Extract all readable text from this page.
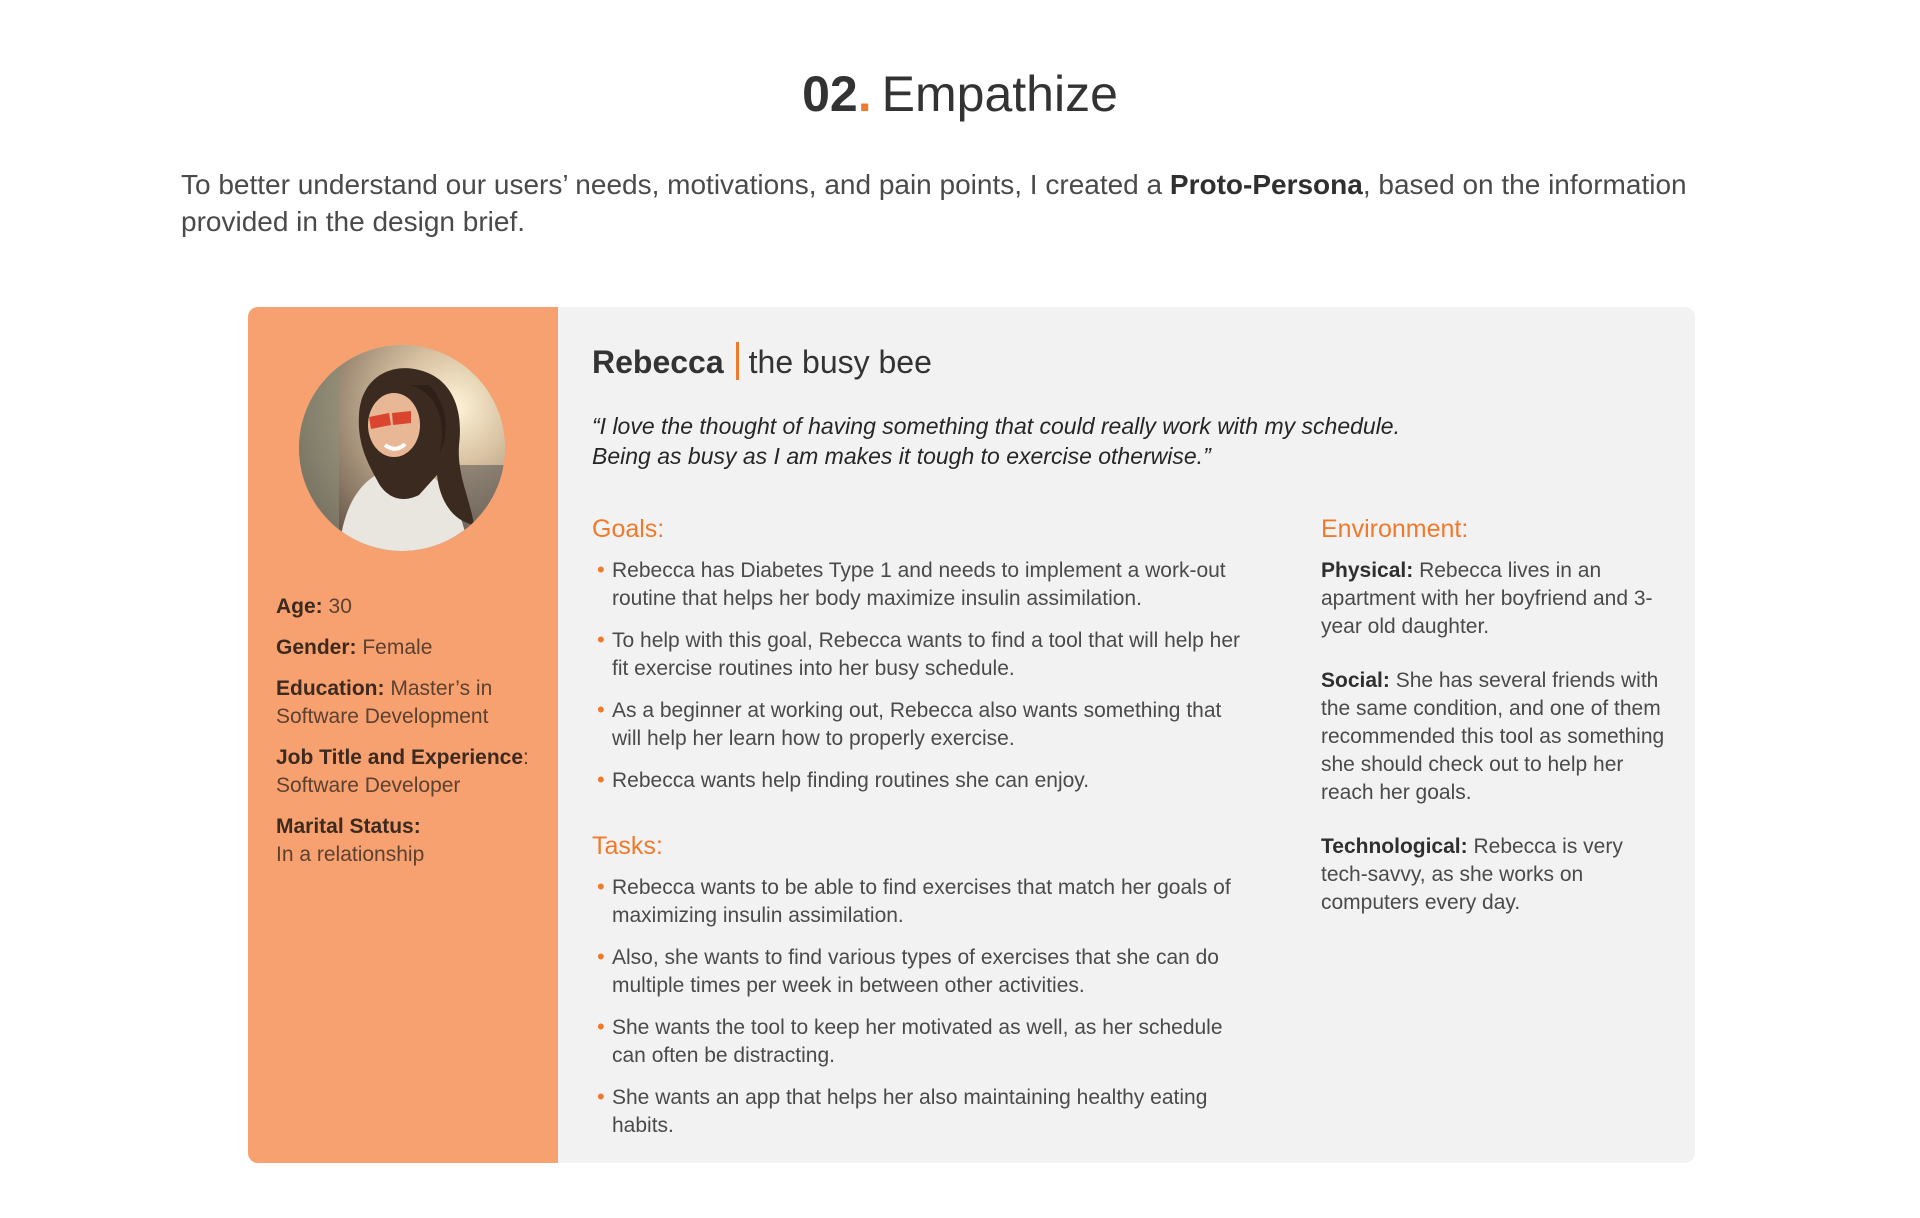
02. Empathize

To better understand our users’ needs, motivations, and pain points, I created a Proto-Persona, based on the information provided in the design brief.

Age: 30

Gender: Female

Education: Master’s in Software Development

Job Title and Experience: Software Developer

Marital Status:
In a relationship

Rebecca the busy bee

“I love the thought of having something that could really work with my schedule.
Being as busy as I am makes it tough to exercise otherwise.”

Goals:
• Rebecca has Diabetes Type 1 and needs to implement a work-out routine that helps her body maximize insulin assimilation.
• To help with this goal, Rebecca wants to find a tool that will help her fit exercise routines into her busy schedule.
• As a beginner at working out, Rebecca also wants something that will help her learn how to properly exercise.
• Rebecca wants help finding routines she can enjoy.
Tasks:
• Rebecca wants to be able to find exercises that match her goals of maximizing insulin assimilation.
• Also, she wants to find various types of exercises that she can do multiple times per week in between other activities.
• She wants the tool to keep her motivated as well, as her schedule can often be distracting.
• She wants an app that helps her also maintaining healthy eating habits.
Environment:

Physical: Rebecca lives in an apartment with her boyfriend and 3-year old daughter.

Social: She has several friends with the same condition, and one of them recommended this tool as something she should check out to help her reach her goals.

Technological: Rebecca is very tech-savvy, as she works on computers every day.
